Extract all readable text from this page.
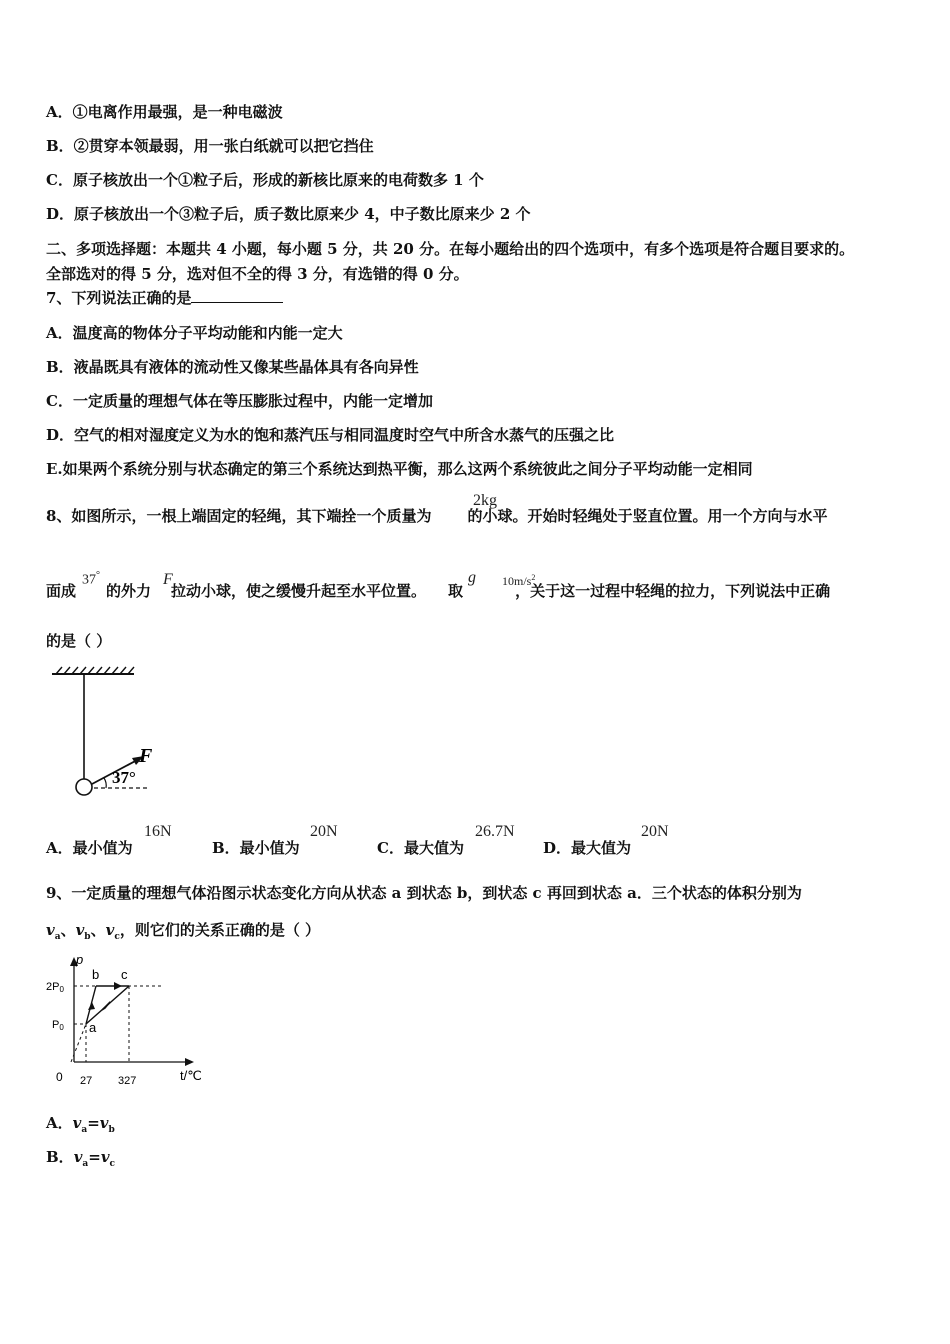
A．①电离作用最强，是一种电磁波
B．②贯穿本领最弱，用一张白纸就可以把它挡住
C．原子核放出一个①粒子后，形成的新核比原来的电荷数多 1 个
D．原子核放出一个③粒子后，质子数比原来少 4，中子数比原来少 2 个
二、多项选择题：本题共 4 小题，每小题 5 分，共 20 分。在每小题给出的四个选项中，有多个选项是符合题目要求的。
全部选对的得 5 分，选对但不全的得 3 分，有选错的得 0 分。
7、下列说法正确的是
A．温度高的物体分子平均动能和内能一定大
B．液晶既具有液体的流动性又像某些晶体具有各向异性
C．一定质量的理想气体在等压膨胀过程中，内能一定增加
D．空气的相对湿度定义为水的饱和蒸汽压与相同温度时空气中所含水蒸气的压强之比
E.如果两个系统分别与状态确定的第三个系统达到热平衡，那么这两个系统彼此之间分子平均动能一定相同
8、如图所示，一根上端固定的轻绳，其下端拴一个质量为 的小球。开始时轻绳处于竖直位置。用一个方向与水平
2kg
面成 的外力 拉动小球，使之缓慢升起至水平位置。 取	，关于这一过程中轻绳的拉力，下列说法中正确
37°	F	g $10m/s^2$
的是（ ）
F
37°
A．最小值为
16N
B．最小值为
20N
C．最大值为
26.7N
D．最大值为
20N
9、一定质量的理想气体沿图示状态变化方向从状态 a 到状态 b，到状态 c 再回到状态 a．三个状态的体积分别为
$v_a$、$v_b$、$v_c$，则它们的关系正确的是（ ）
p
t/℃
0 27 327
P0
2P0
a
b c
A．$v_a=v_b$
B．$v_a=v_c$
